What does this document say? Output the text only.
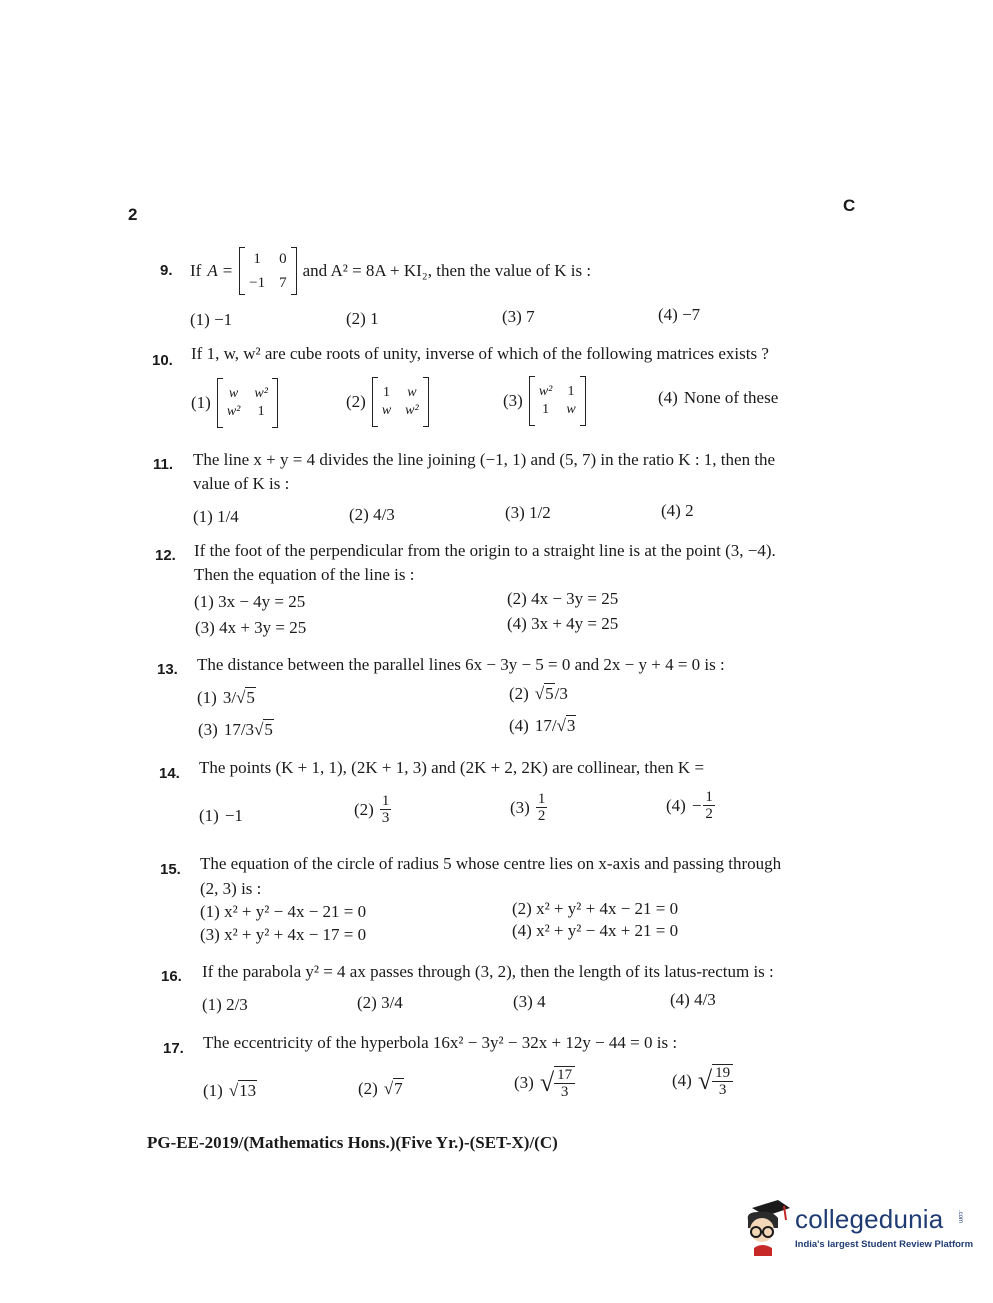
2	C
9. If A =
1 0
−1 7
and A² = 8A + KI₂, then the value of K is :
(1) −1	(2) 1	(3) 7	(4) −7
10. If 1, w, w² are cube roots of unity, inverse of which of the following matrices exists ?
(1) w w²
w² 1
(2) 1 w
w w²
(3) w² 1
1 w
(4) None of these
11. The line x + y = 4 divides the line joining (−1, 1) and (5, 7) in the ratio K : 1, then the
value of K is :
(1) 1/4	(2) 4/3	(3) 1/2	(4) 2
12. If the foot of the perpendicular from the origin to a straight line is at the point (3, −4).
Then the equation of the line is :
(1) 3x − 4y = 25	(2) 4x − 3y = 25
(3) 4x + 3y = 25	(4) 3x + 4y = 25
13. The distance between the parallel lines 6x − 3y − 5 = 0 and 2x − y + 4 = 0 is :
(1) 3/√5	(2) √5/3
(3) 17/3√5	(4) 17/√3
14. The points (K + 1, 1), (2K + 1, 3) and (2K + 2, 2K) are collinear, then K =
(1) −1	$(2) \frac{1}{3}$	$(3) \frac{1}{2}$	$(4) - \frac{1}{2}$
15. The equation of the circle of radius 5 whose centre lies on x-axis and passing through
(2, 3) is :
(1) x² + y² − 4x − 21 = 0	(2) x² + y² + 4x − 21 = 0
(3) x² + y² + 4x − 17 = 0	(4) x² + y² − 4x + 21 = 0
16. If the parabola y² = 4 ax passes through (3, 2), then the length of its latus-rectum is :
(1) 2/3	(2) 3/4	(3) 4	(4) 4/3
17. The eccentricity of the hyperbola 16x² − 3y² − 32x + 12y − 44 = 0 is :
(1) √13	(2) √7	(3) √ $\frac{17}{3}$	(4) √ $\frac{19}{3}$
PG-EE-2019/(Mathematics Hons.)(Five Yr.)-(SET-X)/(C)
collegedunia .com
India's largest Student Review Platform
